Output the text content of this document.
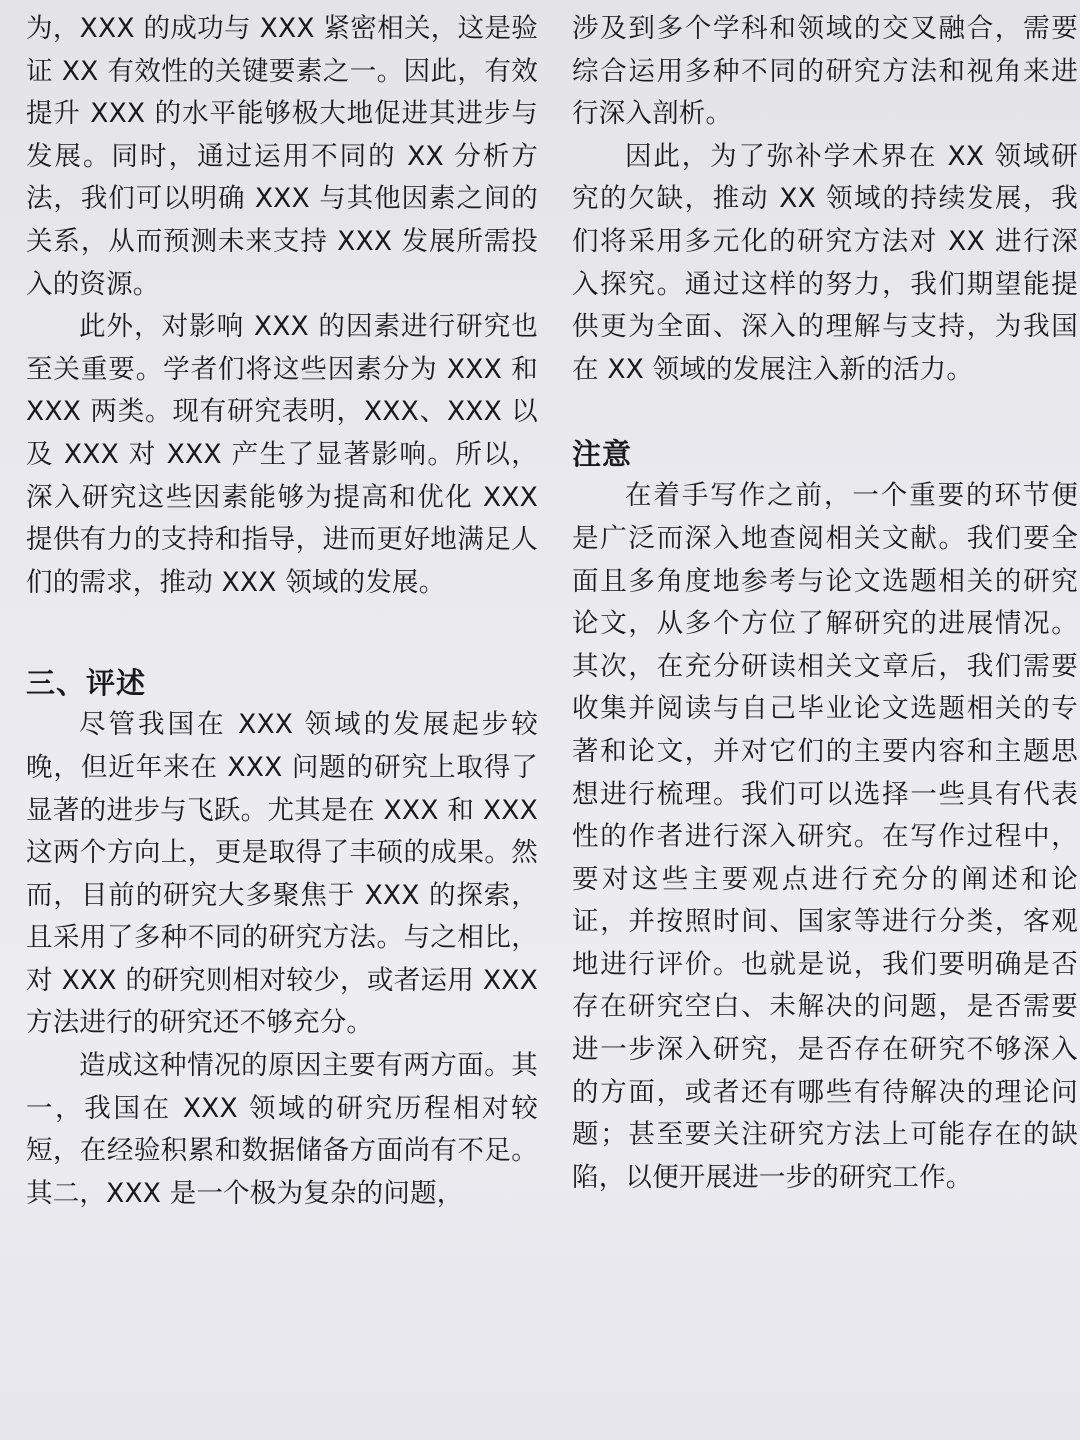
为，XXX 的成功与 XXX 紧密相关，这是验证 XX 有效性的关键要素之一。因此，有效提升 XXX 的水平能够极大地促进其进步与发展。同时，通过运用不同的 XX 分析方法，我们可以明确 XXX 与其他因素之间的关系，从而预测未来支持 XXX 发展所需投入的资源。

此外，对影响 XXX 的因素进行研究也至关重要。学者们将这些因素分为 XXX 和 XXX 两类。现有研究表明，XXX、XXX 以及 XXX 对 XXX 产生了显著影响。所以，深入研究这些因素能够为提高和优化 XXX 提供有力的支持和指导，进而更好地满足人们的需求，推动 XXX 领域的发展。

三、评述

尽管我国在 XXX 领域的发展起步较晚，但近年来在 XXX 问题的研究上取得了显著的进步与飞跃。尤其是在 XXX 和 XXX 这两个方向上，更是取得了丰硕的成果。然而，目前的研究大多聚焦于 XXX 的探索，且采用了多种不同的研究方法。与之相比，对 XXX 的研究则相对较少，或者运用 XXX 方法进行的研究还不够充分。

造成这种情况的原因主要有两方面。其一，我国在 XXX 领域的研究历程相对较短，在经验积累和数据储备方面尚有不足。其二，XXX 是一个极为复杂的问题，

涉及到多个学科和领域的交叉融合，需要综合运用多种不同的研究方法和视角来进行深入剖析。

因此，为了弥补学术界在 XX 领域研究的欠缺，推动 XX 领域的持续发展，我们将采用多元化的研究方法对 XX 进行深入探究。通过这样的努力，我们期望能提供更为全面、深入的理解与支持，为我国在 XX 领域的发展注入新的活力。

注意

在着手写作之前，一个重要的环节便是广泛而深入地查阅相关文献。我们要全面且多角度地参考与论文选题相关的研究论文，从多个方位了解研究的进展情况。其次，在充分研读相关文章后，我们需要收集并阅读与自己毕业论文选题相关的专著和论文，并对它们的主要内容和主题思想进行梳理。我们可以选择一些具有代表性的作者进行深入研究。在写作过程中，要对这些主要观点进行充分的阐述和论证，并按照时间、国家等进行分类，客观地进行评价。也就是说，我们要明确是否存在研究空白、未解决的问题，是否需要进一步深入研究，是否存在研究不够深入的方面，或者还有哪些有待解决的理论问题；甚至要关注研究方法上可能存在的缺陷，以便开展进一步的研究工作。
